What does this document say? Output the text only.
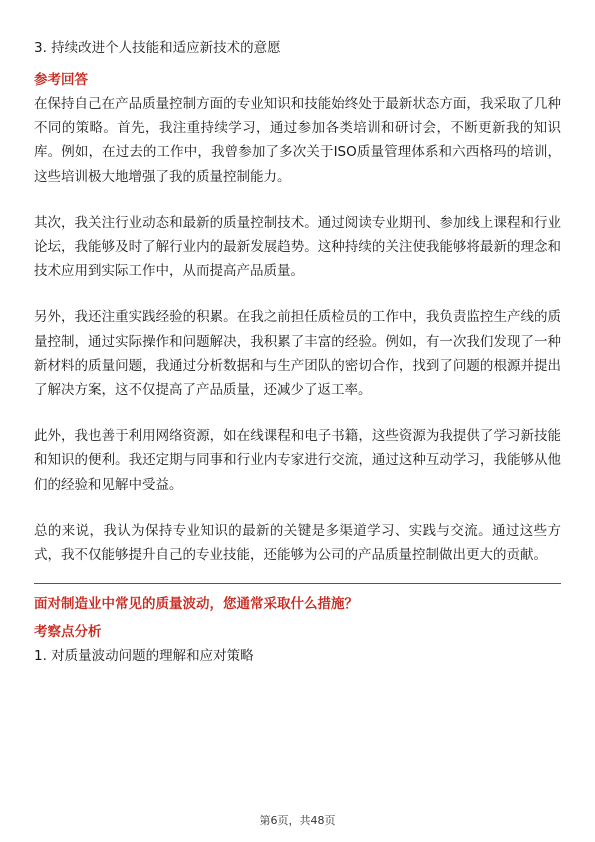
3. 持续改进个人技能和适应新技术的意愿
参考回答

在保持自己在产品质量控制方面的专业知识和技能始终处于最新状态方面，我采取了几种不同的策略。首先，我注重持续学习，通过参加各类培训和研讨会，不断更新我的知识库。例如，在过去的工作中，我曾参加了多次关于ISO质量管理体系和六西格玛的培训，这些培训极大地增强了我的质量控制能力。

其次，我关注行业动态和最新的质量控制技术。通过阅读专业期刊、参加线上课程和行业论坛，我能够及时了解行业内的最新发展趋势。这种持续的关注使我能够将最新的理念和技术应用到实际工作中，从而提高产品质量。

另外，我还注重实践经验的积累。在我之前担任质检员的工作中，我负责监控生产线的质量控制，通过实际操作和问题解决，我积累了丰富的经验。例如，有一次我们发现了一种新材料的质量问题，我通过分析数据和与生产团队的密切合作，找到了问题的根源并提出了解决方案，这不仅提高了产品质量，还减少了返工率。

此外，我也善于利用网络资源，如在线课程和电子书籍，这些资源为我提供了学习新技能和知识的便利。我还定期与同事和行业内专家进行交流，通过这种互动学习，我能够从他们的经验和见解中受益。

总的来说，我认为保持专业知识的最新的关键是多渠道学习、实践与交流。通过这些方式，我不仅能够提升自己的专业技能，还能够为公司的产品质量控制做出更大的贡献。

面对制造业中常见的质量波动，您通常采取什么措施？
考察点分析
1. 对质量波动问题的理解和应对策略
第6页，共48页
